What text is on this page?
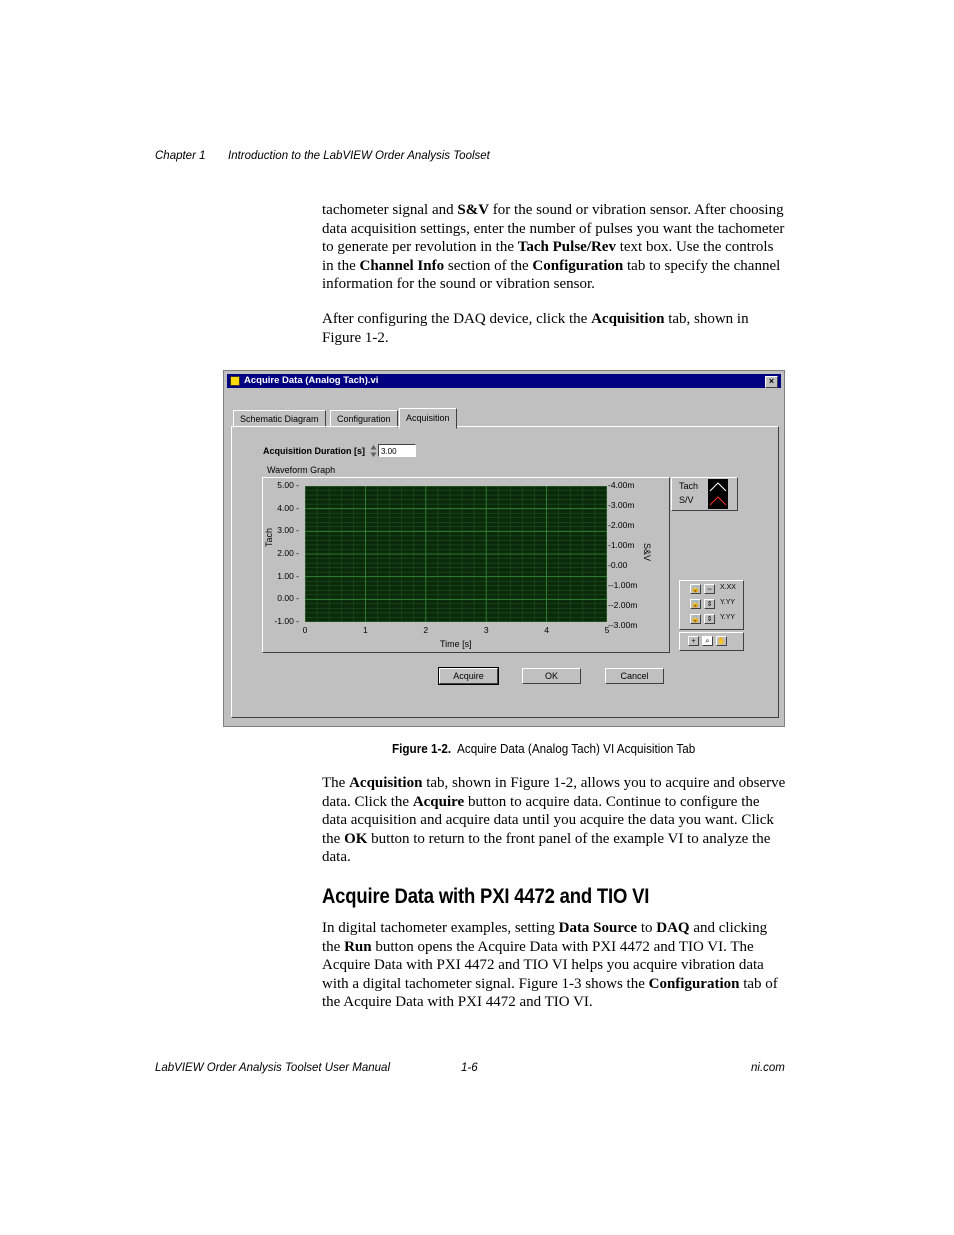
Chapter 1 Introduction to the LabVIEW Order Analysis Toolset
tachometer signal and S&V for the sound or vibration sensor. After choosing data acquisition settings, enter the number of pulses you want the tachometer to generate per revolution in the Tach Pulse/Rev text box. Use the controls in the Channel Info section of the Configuration tab to specify the channel information for the sound or vibration sensor.
After configuring the DAQ device, click the Acquisition tab, shown in Figure 1-2.
Acquire Data (Analog Tach).vi	×
Schematic Diagram	Configuration	Acquisition
Acquisition Duration [s]	3.00
Waveform Graph
5.00 -
4.00 -
3.00 -
2.00 -
1.00 -
0.00 -
-1.00 -
-4.00m
-3.00m
-2.00m
-1.00m
-0.00
--1.00m
--2.00m
--3.00m
0	1	2	3	4	5
Tach
S&V
Time [s]
Tach
S/V
🔒 ⇔ X.XX
🔒 ⇕	Y.YY
🔒 ⇕	Y.YY
+	⌕	✋
Acquire	OK	Cancel
Figure 1-2. Acquire Data (Analog Tach) VI Acquisition Tab
The Acquisition tab, shown in Figure 1-2, allows you to acquire and observe data. Click the Acquire button to acquire data. Continue to configure the data acquisition and acquire data until you acquire the data you want. Click the OK button to return to the front panel of the example VI to analyze the data.
Acquire Data with PXI 4472 and TIO VI
In digital tachometer examples, setting Data Source to DAQ and clicking the Run button opens the Acquire Data with PXI 4472 and TIO VI. The Acquire Data with PXI 4472 and TIO VI helps you acquire vibration data with a digital tachometer signal. Figure 1-3 shows the Configuration tab of the Acquire Data with PXI 4472 and TIO VI.
LabVIEW Order Analysis Toolset User Manual	1-6	ni.com
